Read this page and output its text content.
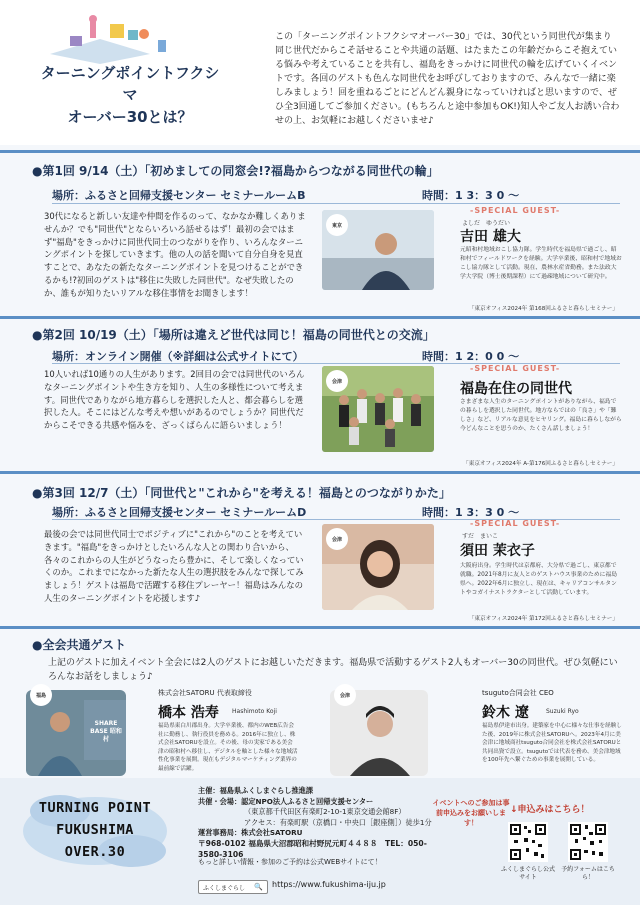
ターニングポイントフクシマ
オーバー30とは？
この「ターニングポイントフクシマオーバー30」では、30代という同世代が集まり同じ世代だからこそ話せることや共通の話題、はたまたこの年齢だからこそ抱えている悩みや考えていることを共有し、福島をきっかけに同世代の輪を広げていくイベントです。各回のゲストも色んな同世代をお呼びしておりますので、みんなで一緒に楽しみましょう！回を重ねるごとにどんどん親身になっていければと思いますので、ぜひ全3回通してご参加ください。(もちろんと途中参加もOK!)知人やご友人お誘い合わせの上、お気軽にお越しくださいませ♪
●第1回 9/14（土）「初めましての同窓会!?福島からつながる同世代の輪」
場所：ふるさと回帰支援センター セミナールームB	時間：1 3：3 0 ～
30代になると新しい友達や仲間を作るのって、なかなか難しくありませんか？でも"同世代"とならいろいろ話せるはず！最初の会ではまず"福島"をきっかけに同世代同士のつながりを作り、いろんなターニングポイントを探していきます。他の人の話を聞いて自分自身を見直すことで、あなたの新たなターニングポイントを見つけることができるかも!?初回のゲストは"移住に失敗した同世代"。なぜ失敗したのか、誰もが知りたいリアルな移住事情をお聞きします！
東京
-SPECIAL GUEST-
よしだ　ゆうだい
吉田 雄大
元昭和村地域おこし協力隊。学生時代を福島県で過ごし、昭和村でフィールドワークを経験。大学卒業後、昭和村で地域おこし協力隊として活動。現在、農林水産省勤務。また法政大学大学院（博士後期課程）にて過疎地域について研究中。
「東京オフィス2024年 第168回ふるさと暮らしセミナー」
●第2回 10/19（土）「場所は違えど世代は同じ！福島の同世代との交流」
場所：オンライン開催（※詳細は公式サイトにて）	時間：1 2：0 0 ～
10人いれば10通りの人生があります。2回目の会では同世代のいろんなターニングポイントや生き方を知り、人生の多様性について考えます。同世代でありながら地方暮らしを選択した人と、都会暮らしを選択した人。そこにはどんな考えや想いがあるのでしょうか？同世代だからこそできる共感や悩みを、ざっくばらんに語らいましょう！
会津
-SPECIAL GUEST-
福島在住の同世代
さまざまな人生のターニングポイントがありながら、福島での暮らしを選択した同世代。地方ならではの「良さ」や「難しさ」など、リアルな意見をヒヤリング。福島に暮らしながら今どんなことを思うのか、たくさん話しましょう！
「東京オフィス2024年 A-第176回ふるさと暮らしセミナー」
●第3回 12/7（土）「同世代と"これから"を考える！福島とのつながりかた」
場所：ふるさと回帰支援センター セミナールームD	時間：1 3：3 0 ～
最後の会では同世代同士でポジティブに"これから"のことを考えていきます。"福島"をきっかけとしたいろんな人との関わり合いから、各々のこれからの人生がどうなったら豊かに、そして楽しくなっていくのか。これまでになかった新たな人生の選択肢をみんなで探してみましょう！ゲストは福島で活躍する移住プレーヤー！福島はみんなの人生のターニングポイントを応援します♪
会津
-SPECIAL GUEST-
すだ　まいこ
須田 茉衣子
大阪府出身。学生時代は京都府、大分県で過ごし、東京都で就職。2021年8月に友人とのゲストハウス事業のために福島県へ。2022年6月に独立し、現在は、キャリアコンサルタントやコガイナストラクターとして活動しています。
「東京オフィス2024年 第172回ふるさと暮らしセミナー」
●全会共通ゲスト
上記のゲストに加えイベント全会には2人のゲストにお越しいただきます。福島県で活動するゲスト2人もオーバー30の同世代。ぜひ気軽にいろんなお話をしましょう♪
福島
SHARE BASE 昭和村
株式会社SATORU 代表取締役
橋本 浩寿 Hashimoto Koji
福島県東白川郡出身。大学卒業後、都内のWEB広告会社に勤務し、執行役員を務める。2016年に独立し、株式会社SATORUを設立。その後、母の実家である美会津の昭和村へ移住し、デジタルを軸とした様々な地域活性化事業を展開。現在もデジタルマーケティング業界の最前線で活躍。
会津	tsuguto合同会社 CEO
鈴木 遼	Suzuki Ryo
福島県伊達市出身。建築家を中心に様々な仕事を経験した後、2019年に株式会社SATORUへ。2023年4月に美会津に地域商社tsuguto合同会社を株式会社SATORUと共同出資で設立。tsugutoでは代表を務め、美会津地域を100年先へ繋ぐための事業を展開している。
TURNING POINT
FUKUSHIMA
OVER.30
主催：福島県ふくしまぐらし推進課
共催・会場：認定NPO法人ふるさと回帰支援センター
（東京都千代田区有楽町2-10-1東京交通会館8F）
アクセス：有楽町駅（京橋口・中央口［銀座側］）徒歩1分
運営事務局：株式会社SATORU
〒968-0102 福島県大沼郡昭和村野尻元町４４８８　TEL：050-3580-3106
もっと詳しい情報・参加のご予約は公式WEBサイトにて！
ふくしまぐらし 🔍 https://www.fukushima-iju.jp
イベントへのご参加は事前申込みをお願いします！
↓申込みはこちら！
ふくしまぐらし公式サイト
予約フォームはこちら！
